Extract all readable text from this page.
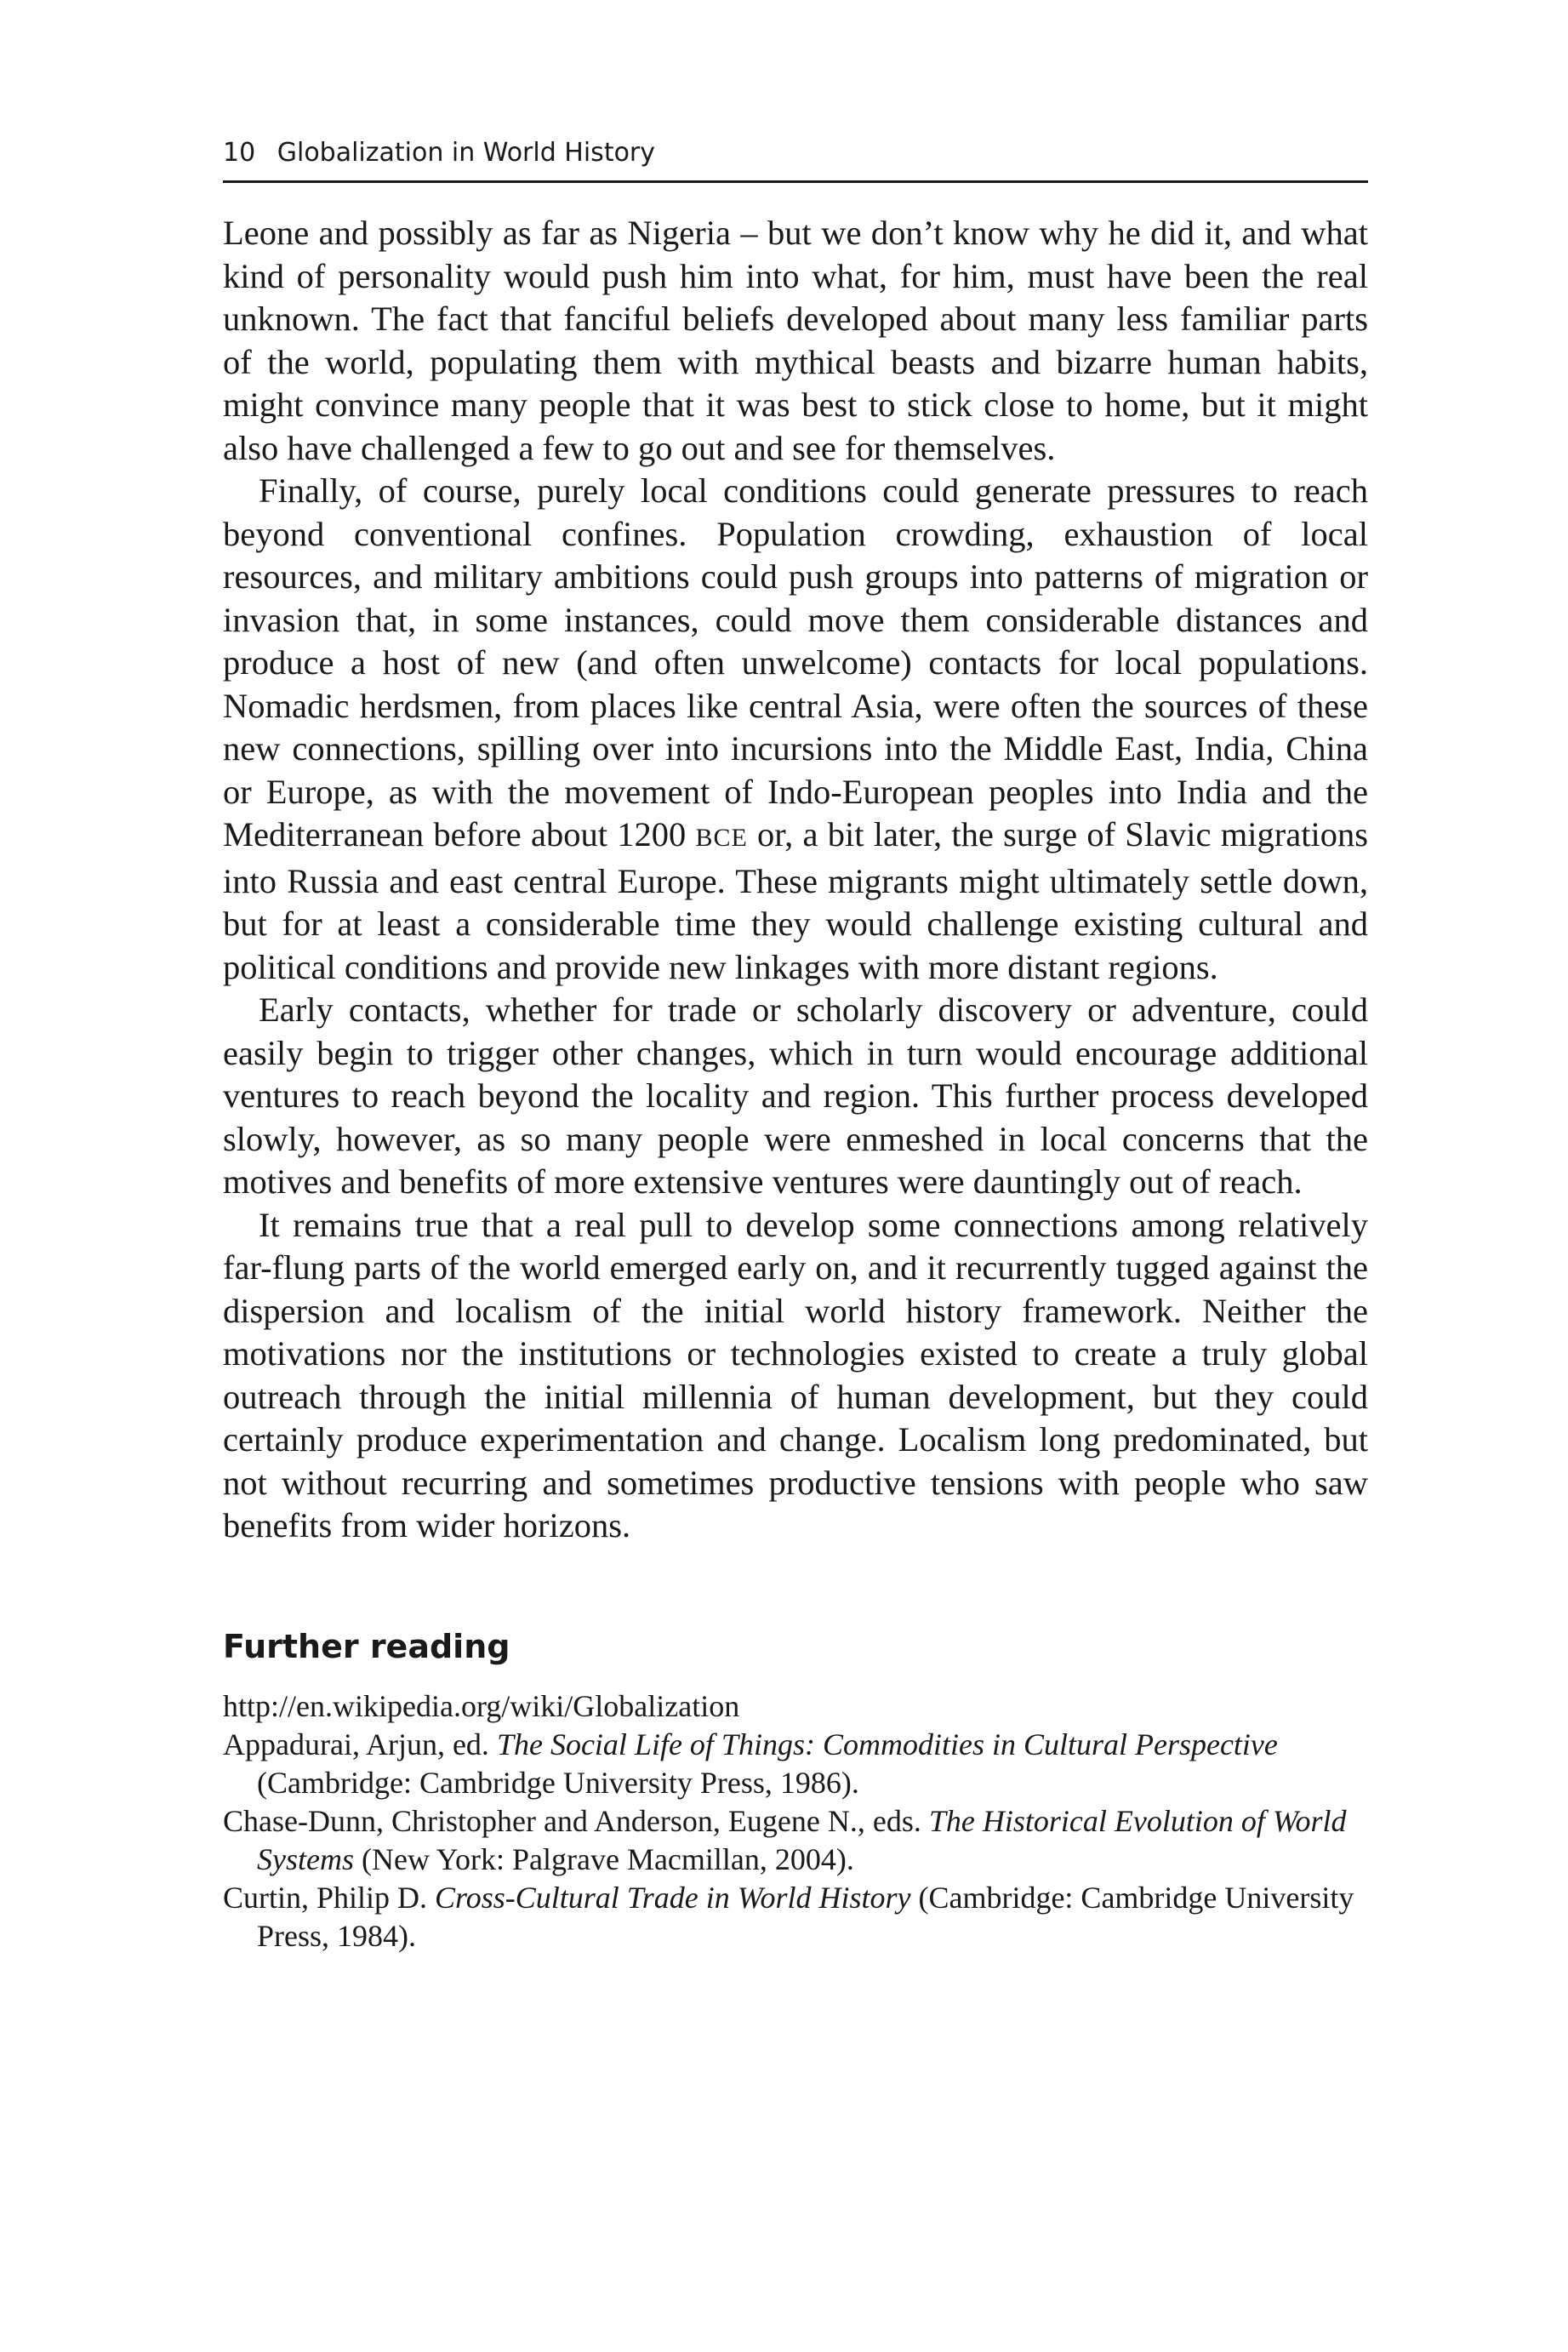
10 Globalization in World History

Leone and possibly as far as Nigeria – but we don’t know why he did it, and what kind of personality would push him into what, for him, must have been the real unknown. The fact that fanciful beliefs developed about many less familiar parts of the world, populating them with mythical beasts and bizarre human habits, might convince many people that it was best to stick close to home, but it might also have challenged a few to go out and see for themselves.

Finally, of course, purely local conditions could generate pressures to reach beyond conventional confines. Population crowding, exhaustion of local resources, and military ambitions could push groups into patterns of migration or invasion that, in some instances, could move them considerable distances and produce a host of new (and often unwelcome) contacts for local populations. Nomadic herdsmen, from places like central Asia, were often the sources of these new connections, spilling over into incursions into the Middle East, India, China or Europe, as with the movement of Indo-European peoples into India and the Mediterranean before about 1200 BCE or, a bit later, the surge of Slavic migrations into Russia and east central Europe. These migrants might ultimately settle down, but for at least a considerable time they would challenge existing cultural and political conditions and provide new linkages with more distant regions.

Early contacts, whether for trade or scholarly discovery or adventure, could easily begin to trigger other changes, which in turn would encourage additional ventures to reach beyond the locality and region. This further process developed slowly, however, as so many people were enmeshed in local concerns that the motives and benefits of more extensive ventures were dauntingly out of reach.

It remains true that a real pull to develop some connections among relatively far-flung parts of the world emerged early on, and it recurrently tugged against the dispersion and localism of the initial world history framework. Neither the motivations nor the institutions or technologies existed to create a truly global outreach through the initial millennia of human development, but they could certainly produce experimentation and change. Localism long predominated, but not without recurring and sometimes productive tensions with people who saw benefits from wider horizons.

Further reading

http://en.wikipedia.org/wiki/Globalization

Appadurai, Arjun, ed. The Social Life of Things: Commodities in Cultural Perspective (Cambridge: Cambridge University Press, 1986).

Chase-Dunn, Christopher and Anderson, Eugene N., eds. The Historical Evolution of World Systems (New York: Palgrave Macmillan, 2004).

Curtin, Philip D. Cross-Cultural Trade in World History (Cambridge: Cambridge University Press, 1984).
